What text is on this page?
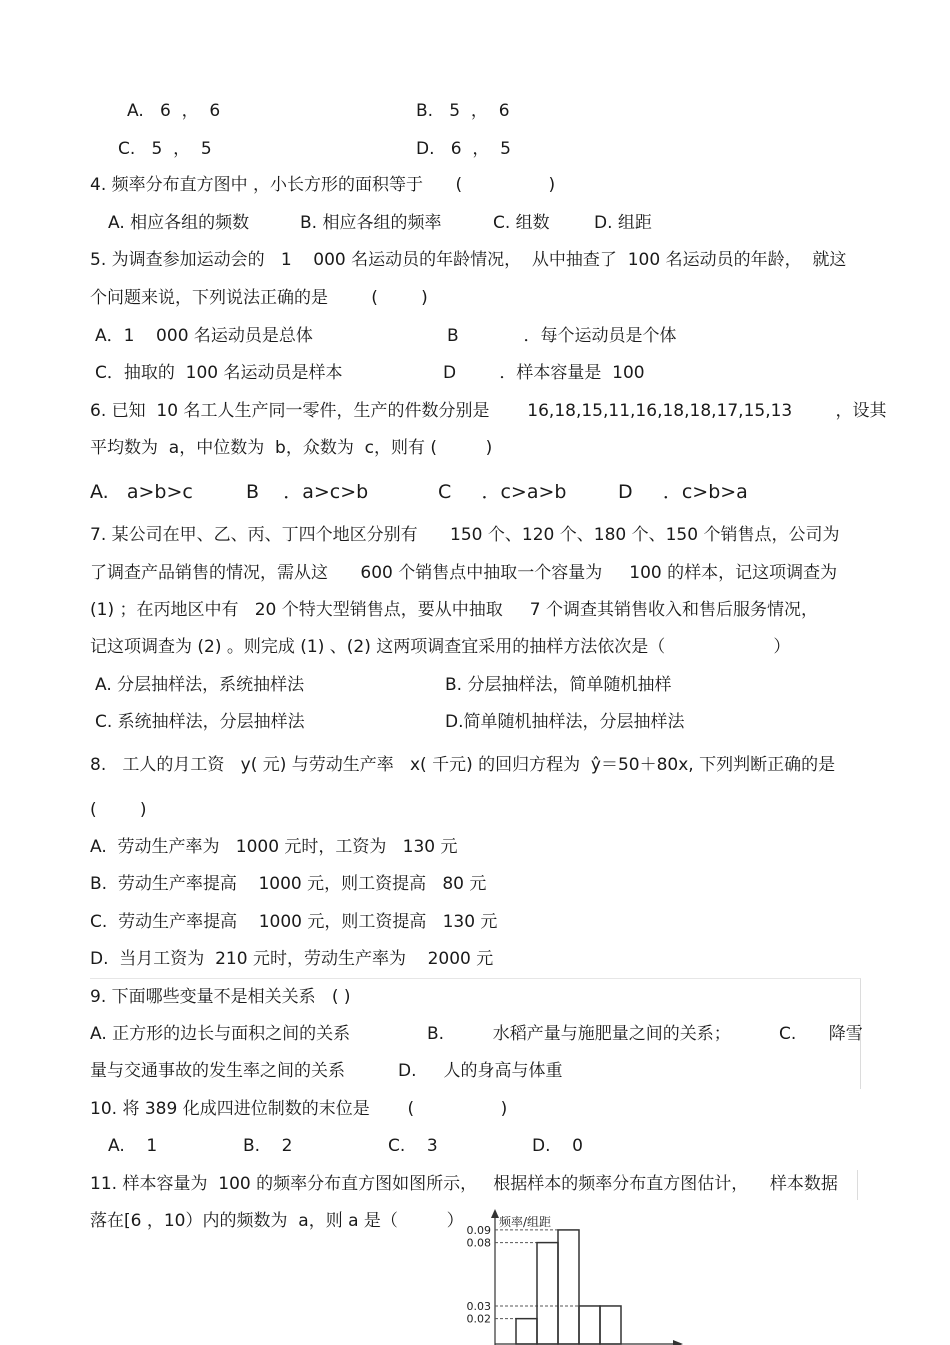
A.   6  ，  6	B.   5  ，  6
C.   5  ，  5	D.   6  ，  5
4. 频率分布直方图中 ，小长方形的面积等于      (                )
A. 相应各组的频数	B. 相应各组的频率	C. 组数	D. 组距
5. 为调查参加运动会的   1    000 名运动员的年龄情况，  从中抽查了  100 名运动员的年龄，  就这
个问题来说，下列说法正确的是        (        )
A．1    000 名运动员是总体	B            ．每个运动员是个体
C．抽取的  100 名运动员是样本	D        ．样本容量是  100
6. 已知  10 名工人生产同一零件，生产的件数分别是       16,18,15,11,16,18,18,17,15,13        ，设其
平均数为  a，中位数为  b，众数为  c，则有 (         )
A.   a>b>c	B    ．a>c>b	C     ．c>a>b	D     ．c>b>a
7. 某公司在甲、乙、丙、丁四个地区分别有      150 个、120 个、180 个、150 个销售点，公司为
了调查产品销售的情况，需从这      600 个销售点中抽取一个容量为     100 的样本，记这项调查为
(1) ；在丙地区中有   20 个特大型销售点，要从中抽取     7 个调查其销售收入和售后服务情况，
记这项调查为 (2) 。则完成 (1) 、(2) 这两项调查宜采用的抽样方法依次是（                    ）
A. 分层抽样法，系统抽样法	B. 分层抽样法，简单随机抽样
C. 系统抽样法，分层抽样法	D.简单随机抽样法，分层抽样法
8.   工人的月工资   y( 元) 与劳动生产率   x( 千元) 的回归方程为  ŷ＝50＋80x, 下列判断正确的是
(        )
A.  劳动生产率为   1000 元时，工资为   130 元
B.  劳动生产率提高    1000 元，则工资提高   80 元
C.  劳动生产率提高    1000 元，则工资提高   130 元
D.  当月工资为  210 元时，劳动生产率为    2000 元
9. 下面哪些变量不是相关关系   ( )
A. 正方形的边长与面积之间的关系	B.         水稻产量与施肥量之间的关系；	C.      降雪
量与交通事故的发生率之间的关系	D.     人的身高与体重
10. 将 389 化成四进位制数的末位是       (                )
A.    1	B.    2	C.    3	D.    0
11. 样本容量为  100 的频率分布直方图如图所示，   根据样本的频率分布直方图估计，    样本数据
落在[6 ，10）内的频数为  a，则 a 是（         ）	频率/组距
0.02
0.03
0.08
0.09
